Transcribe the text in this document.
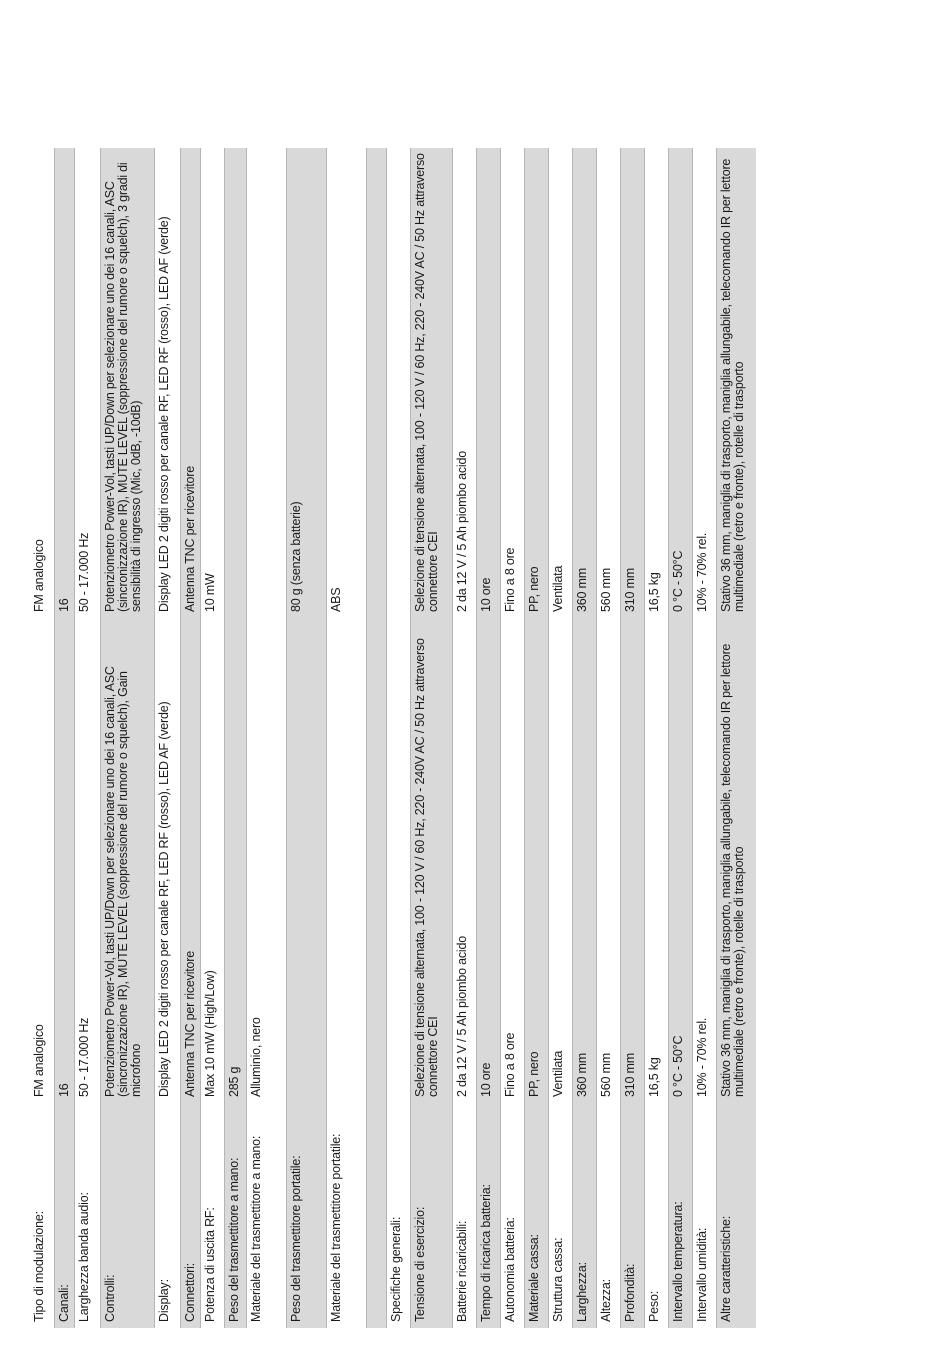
Tipo di modulazione:	FM analogico	FM analogico
Canali:	16	16
Larghezza banda audio:	50 - 17.000 Hz	50 - 17.000 Hz
Controlli:	Potenziometro Power-Vol, tasti UP/Down per selezionare uno dei 16 canali, ASC (sincronizzazione IR), MUTE LEVEL (soppressione del rumore o squelch), Gain microfono	Potenziometro Power-Vol, tasti UP/Down per selezionare uno dei 16 canali, ASC (sincronizzazione IR), MUTE LEVEL (soppressione del rumore o squelch), 3 gradi di sensibilità di ingresso (Mic, 0dB, -10dB)
Display:	Display LED 2 digiti rosso per canale RF, LED RF (rosso), LED AF (verde)	Display LED 2 digiti rosso per canale RF, LED RF (rosso), LED AF (verde)
Connettori:	Antenna TNC per ricevitore	Antenna TNC per ricevitore
Potenza di uscita RF:	Max 10 mW (High/Low)	10 mW
Peso del trasmettitore a mano:	285 g	
Materiale del trasmettitore a mano:	Alluminio, nero	
Peso del trasmettitore portatile:		80 g (senza batterie)
Materiale del trasmettitore portatile:		ABS

Specifiche generali:		
Tensione di esercizio:	Selezione di tensione alternata, 100 - 120 V / 60 Hz, 220 - 240V AC / 50 Hz attraverso connettore CEI	Selezione di tensione alternata, 100 - 120 V / 60 Hz, 220 - 240V AC / 50 Hz attraverso connettore CEI
Batterie ricaricabili:	2 da 12 V / 5 Ah piombo acido	2 da 12 V / 5 Ah piombo acido
Tempo di ricarica batteria:	10 ore	10 ore
Autonomia batteria:	Fino a 8 ore	Fino a 8 ore
Materiale cassa:	PP, nero	PP, nero
Struttura cassa:	Ventilata	Ventilata
Larghezza:	360 mm	360 mm
Altezza:	560 mm	560 mm
Profondità:	310 mm	310 mm
Peso:	16,5 kg	16,5 kg
Intervallo temperatura:	0 °C - 50°C	0 °C - 50°C
Intervallo umidità:	10% - 70% rel.	10% - 70% rel.
Altre caratteristiche:	Stativo 36 mm, maniglia di trasporto, maniglia allungabile, telecomando IR per lettore multimediale (retro e fronte), rotelle di trasporto	Stativo 36 mm, maniglia di trasporto, maniglia allungabile, telecomando IR per lettore multimediale (retro e fronte), rotelle di trasporto
